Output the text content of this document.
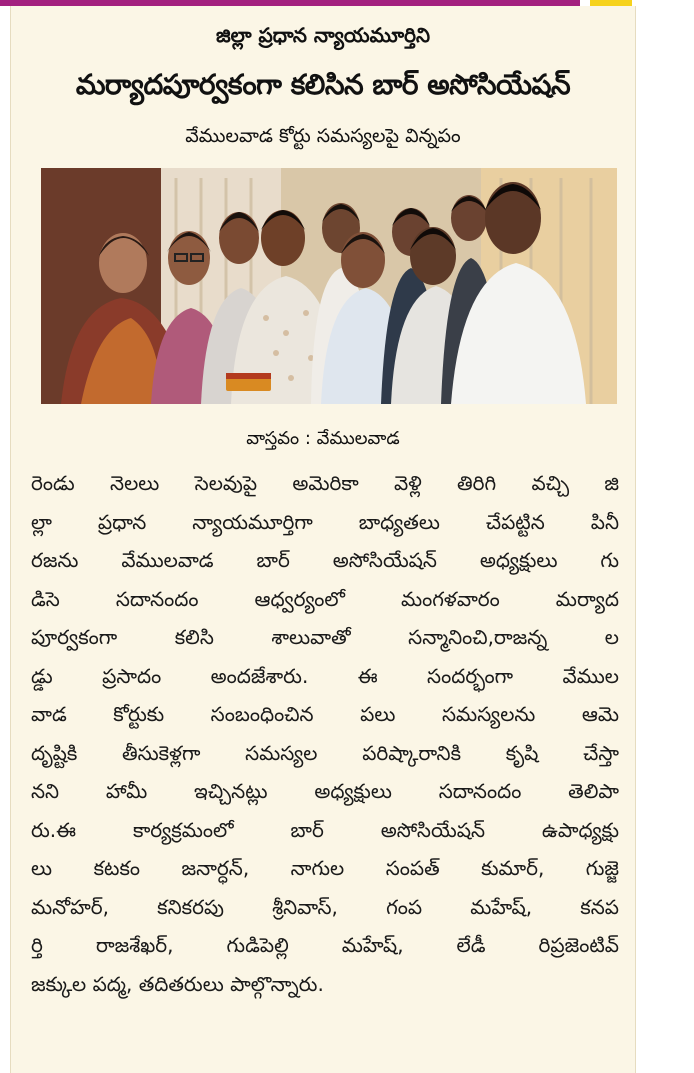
జిల్లా ప్రధాన న్యాయమూర్తిని
మర్యాదపూర్వకంగా కలిసిన బార్ అసోసియేషన్
వేములవాడ కోర్టు సమస్యలపై విన్నపం
వాస్తవం : వేములవాడ
రెండు నెలలు సెలవుపై అమెరికా వెళ్లి తిరిగి వచ్చి జి
ల్లా ప్రధాన న్యాయమూర్తిగా బాధ్యతలు చేపట్టిన పినీ
రజను వేములవాడ బార్ అసోసియేషన్ అధ్యక్షులు గు
డిసె సదానందం ఆధ్వర్యంలో మంగళవారం మర్యాద
పూర్వకంగా కలిసి శాలువాతో సన్మానించి,రాజన్న ల
డ్డు ప్రసాదం అందజేశారు. ఈ సందర్భంగా వేముల
వాడ కోర్టుకు సంబంధించిన పలు సమస్యలను ఆమె
దృష్టికి తీసుకెళ్లగా సమస్యల పరిష్కారానికి కృషి చేస్తా
నని హామీ ఇచ్చినట్లు అధ్యక్షులు సదానందం తెలిపా
రు.ఈ కార్యక్రమంలో బార్ అసోసియేషన్ ఉపాధ్యక్షు
లు కటకం జనార్ధన్, నాగుల సంపత్ కుమార్, గుజ్జె
మనోహర్, కనికరపు శ్రీనివాస్, గంప మహేష్, కనప
ర్తి రాజశేఖర్, గుడిపెల్లి మహేష్, లేడీ రిప్రజెంటివ్
జక్కుల పద్మ, తదితరులు పాల్గొన్నారు.
